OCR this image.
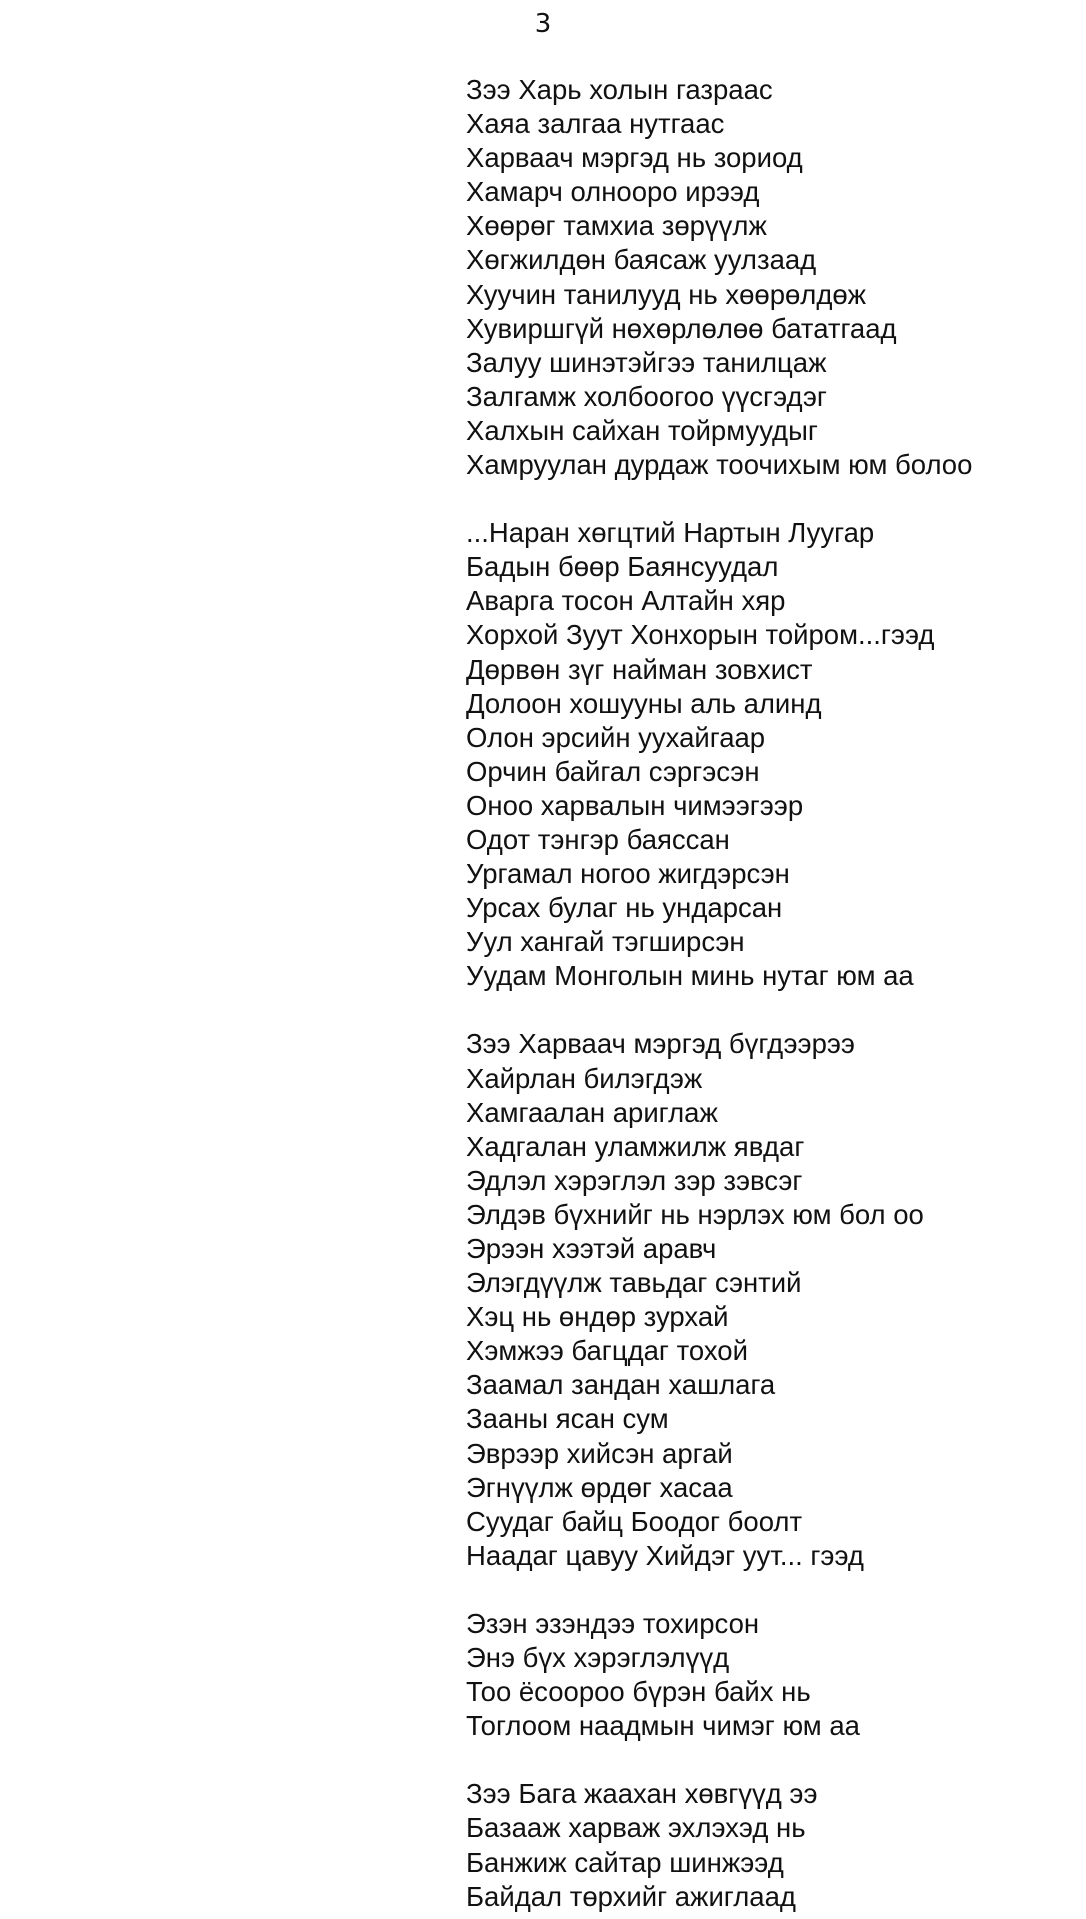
3
Зээ Харь холын газраас
Хаяа залгаа нутгаас
Харваач мэргэд нь зориод
Хамарч олнооро ирээд
Хөөрөг тамхиа зөрүүлж
Хөгжилдөн баясаж уулзаад
Хуучин танилууд нь хөөрөлдөж
Хувиршгүй нөхөрлөлөө бататгаад
Залуу шинэтэйгээ танилцаж
Залгамж холбоогоо үүсгэдэг
Халхын сайхан тойрмуудыг
Хамруулан дурдаж тоочихым юм болоо
...Наран хөгцтий Нартын Луугар
Бадын бөөр Баянсуудал
Аварга тосон Алтайн хяр
Хорхой Зуут Хонхорын тойром...гээд
Дөрвөн зүг найман зовхист
Долоон хошууны аль алинд
Олон эрсийн уухайгаар
Орчин байгал сэргэсэн
Оноо харвалын чимээгээр
Одот тэнгэр баяссан
Ургамал ногоо жигдэрсэн
Урсах булаг нь ундарсан
Уул хангай тэгширсэн
Уудам Монголын минь нутаг юм аа
Зээ Харваач мэргэд бүгдээрээ
Хайрлан билэгдэж
Хамгаалан ариглаж
Хадгалан уламжилж явдаг
Эдлэл хэрэглэл зэр зэвсэг
Элдэв бүхнийг нь нэрлэх юм бол оо
Эрээн хээтэй аравч
Элэгдүүлж тавьдаг сэнтий
Хэц нь өндөр зурхай
Хэмжээ багцдаг тохой
Заамал зандан хашлага
Зааны ясан сум
Эврээр хийсэн аргай
Эгнүүлж өрдөг хасаа
Суудаг байц Боодог боолт
Наадаг цавуу Хийдэг уут... гээд
Эзэн эзэндээ тохирсон
Энэ бүх хэрэглэлүүд
Тоо ёсоороо бүрэн байх нь
Тоглоом наадмын чимэг юм аа
Зээ Бага жаахан хөвгүүд ээ
Базааж харваж эхлэхэд нь
Банжиж сайтар шинжээд
Байдал төрхийг ажиглаад
